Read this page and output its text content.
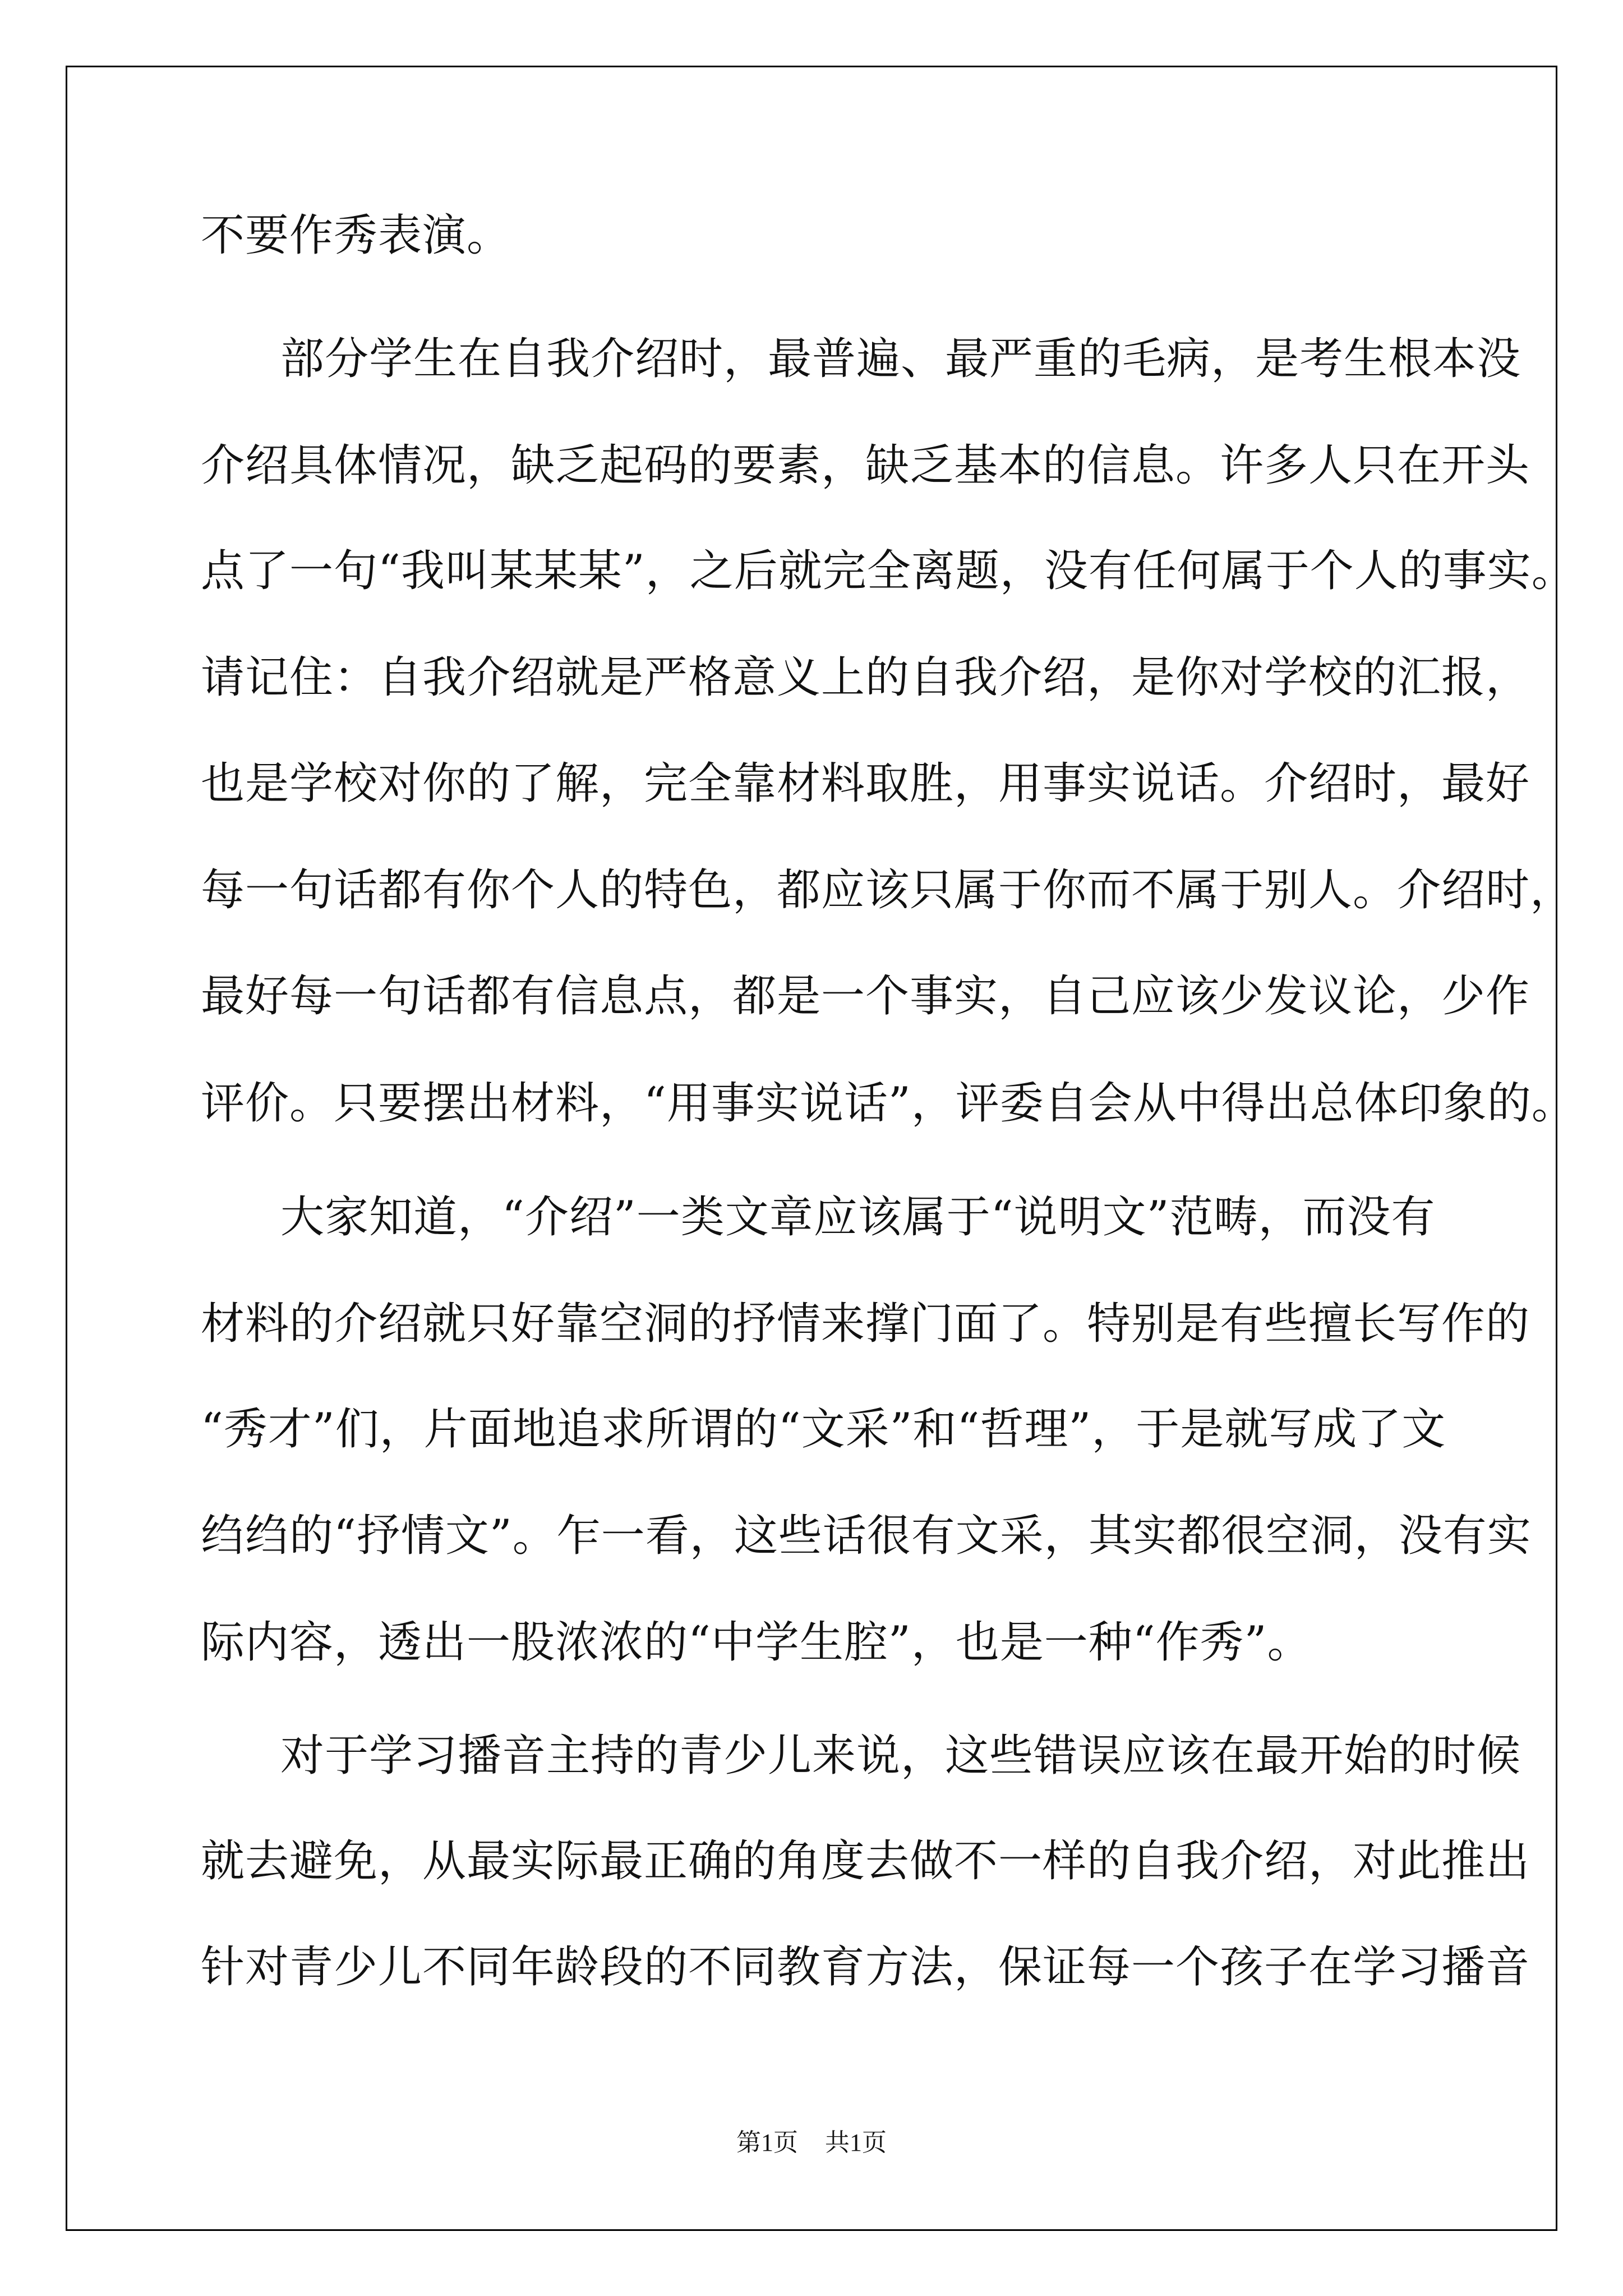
不要作秀表演。

部分学生在自我介绍时，最普遍、最严重的毛病，是考生根本没

介绍具体情况，缺乏起码的要素，缺乏基本的信息。许多人只在开头

点了一句“我叫某某某”，之后就完全离题，没有任何属于个人的事实。

请记住：自我介绍就是严格意义上的自我介绍，是你对学校的汇报，

也是学校对你的了解，完全靠材料取胜，用事实说话。介绍时，最好

每一句话都有你个人的特色，都应该只属于你而不属于别人。介绍时，

最好每一句话都有信息点，都是一个事实，自己应该少发议论，少作

评价。只要摆出材料，“用事实说话”，评委自会从中得出总体印象的。

大家知道，“介绍”一类文章应该属于“说明文”范畴，而没有

材料的介绍就只好靠空洞的抒情来撑门面了。特别是有些擅长写作的

“秀才”们，片面地追求所谓的“文采”和“哲理”，于是就写成了文

绉绉的“抒情文”。乍一看，这些话很有文采，其实都很空洞，没有实

际内容，透出一股浓浓的“中学生腔”，也是一种“作秀”。

对于学习播音主持的青少儿来说，这些错误应该在最开始的时候

就去避免，从最实际最正确的角度去做不一样的自我介绍，对此推出

针对青少儿不同年龄段的不同教育方法，保证每一个孩子在学习播音

第1页 共1页
